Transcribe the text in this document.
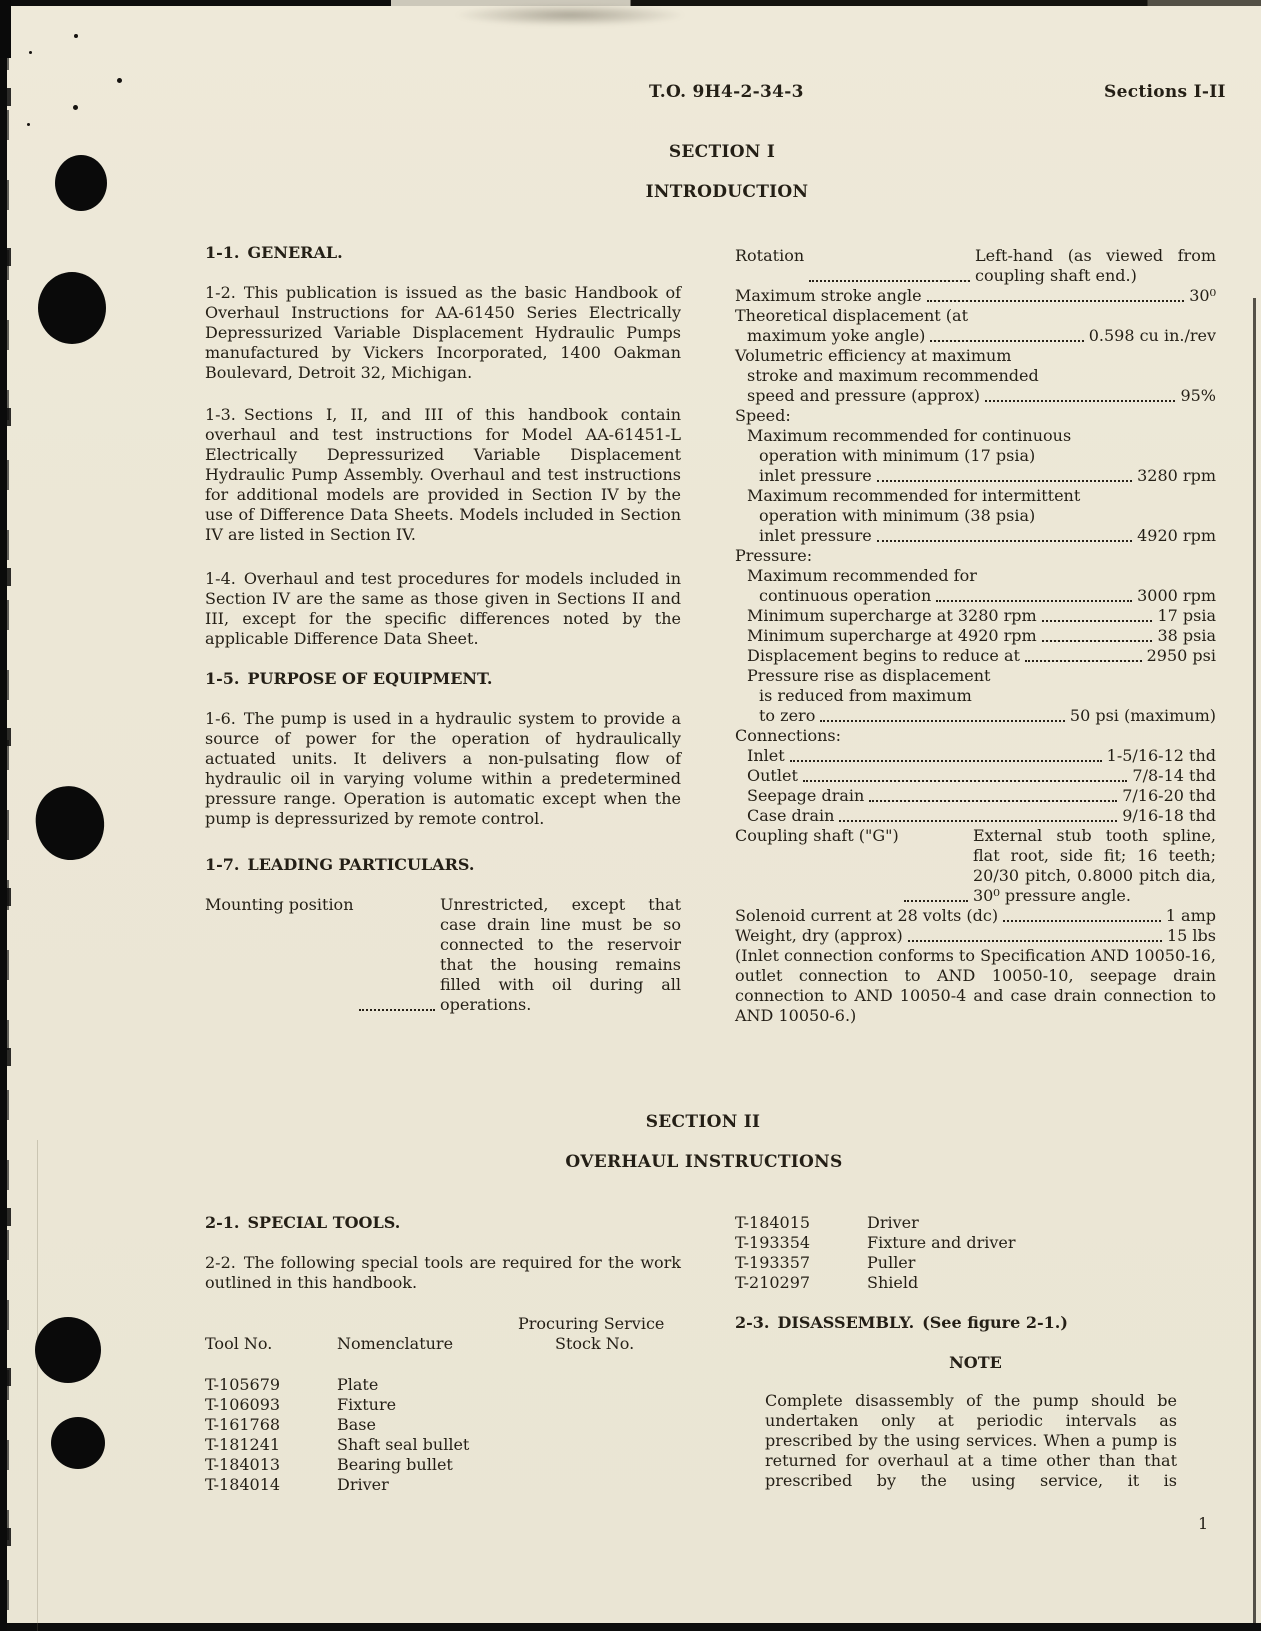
T.O. 9H4-2-34-3	Sections I-II
SECTION I
INTRODUCTION
1-1. GENERAL.

1-2. This publication is issued as the basic Handbook of Overhaul Instructions for AA-61450 Series Electrically Depressurized Variable Displacement Hydraulic Pumps manufactured by Vickers Incorporated, 1400 Oakman Boulevard, Detroit 32, Michigan.

1-3. Sections I, II, and III of this handbook contain overhaul and test instructions for Model AA-61451-L Electrically Depressurized Variable Displacement Hydraulic Pump Assembly. Overhaul and test instructions for additional models are provided in Section IV by the use of Difference Data Sheets. Models included in Section IV are listed in Section IV.

1-4. Overhaul and test procedures for models included in Section IV are the same as those given in Sections II and III, except for the specific differences noted by the applicable Difference Data Sheet.

1-5. PURPOSE OF EQUIPMENT.

1-6. The pump is used in a hydraulic system to provide a source of power for the operation of hydraulically actuated units. It delivers a non-pulsating flow of hydraulic oil in varying volume within a predetermined pressure range. Operation is automatic except when the pump is depressurized by remote control.

1-7. LEADING PARTICULARS.
Mounting position	Unrestricted, except that case drain line must be so connected to the reservoir that the housing remains filled with oil during all operations.
Rotation	Left-hand (as viewed from coupling shaft end.)
Maximum stroke angle	30⁰
Theoretical displacement (at
maximum yoke angle)	0.598 cu in./rev
Volumetric efficiency at maximum
stroke and maximum recommended
speed and pressure (approx)	95%
Speed:
Maximum recommended for continuous
operation with minimum (17 psia)
inlet pressure	3280 rpm
Maximum recommended for intermittent
operation with minimum (38 psia)
inlet pressure	4920 rpm
Pressure:
Maximum recommended for
continuous operation	3000 rpm
Minimum supercharge at 3280 rpm	17 psia
Minimum supercharge at 4920 rpm	38 psia
Displacement begins to reduce at	2950 psi
Pressure rise as displacement
is reduced from maximum
to zero	50 psi (maximum)
Connections:
Inlet	1-5/16-12 thd
Outlet	7/8-14 thd
Seepage drain	7/16-20 thd
Case drain	9/16-18 thd
Coupling shaft ("G")	External stub tooth spline, flat root, side fit; 16 teeth; 20/30 pitch, 0.8000 pitch dia, 30⁰ pressure angle.
Solenoid current at 28 volts (dc)	1 amp
Weight, dry (approx)	15 lbs

(Inlet connection conforms to Specification AND 10050-16, outlet connection to AND 10050-10, seepage drain connection to AND 10050-4 and case drain connection to AND 10050-6.)

SECTION II
OVERHAUL INSTRUCTIONS
2-1. SPECIAL TOOLS.

2-2. The following special tools are required for the work outlined in this handbook.

Procuring Service
Tool No.	Nomenclature	Stock No.
T-105679	Plate
T-106093	Fixture
T-161768	Base
T-181241	Shaft seal bullet
T-184013	Bearing bullet
T-184014	Driver
T-184015	Driver
T-193354	Fixture and driver
T-193357	Puller
T-210297	Shield
2-3. DISASSEMBLY. (See figure 2-1.)
NOTE
Complete disassembly of the pump should be undertaken only at periodic intervals as prescribed by the using services. When a pump is returned for overhaul at a time other than that prescribed by the using service, it is
1
